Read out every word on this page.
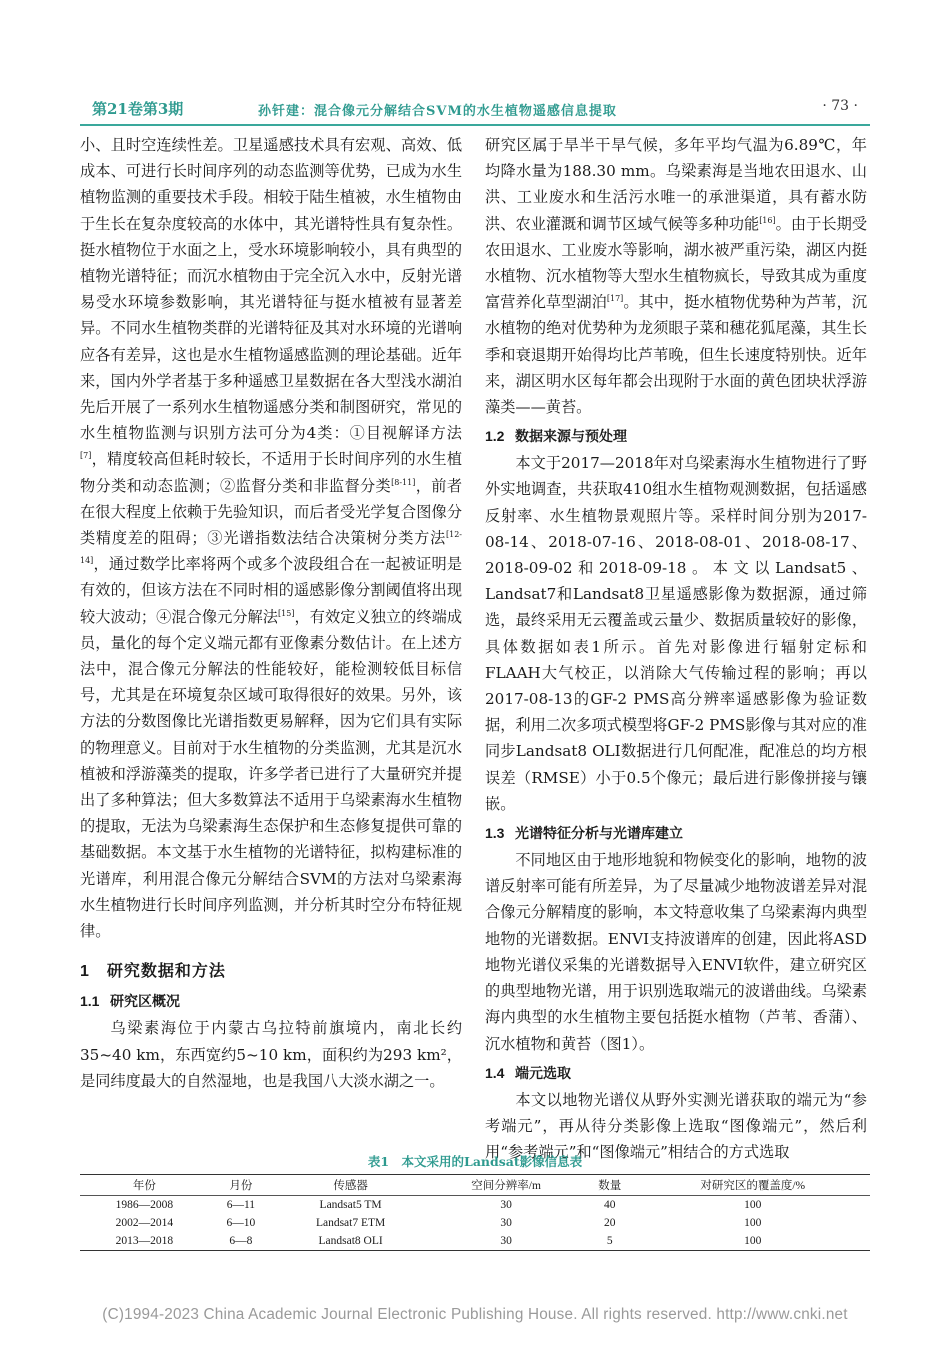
第21卷第3期	孙钎建：混合像元分解结合SVM的水生植物遥感信息提取	· 73 ·

小、且时空连续性差。卫星遥感技术具有宏观、高效、低成本、可进行长时间序列的动态监测等优势，已成为水生植物监测的重要技术手段。相较于陆生植被，水生植物由于生长在复杂度较高的水体中，其光谱特性具有复杂性。挺水植物位于水面之上，受水环境影响较小，具有典型的植物光谱特征；而沉水植物由于完全沉入水中，反射光谱易受水环境参数影响，其光谱特征与挺水植被有显著差异。不同水生植物类群的光谱特征及其对水环境的光谱响应各有差异，这也是水生植物遥感监测的理论基础。近年来，国内外学者基于多种遥感卫星数据在各大型浅水湖泊先后开展了一系列水生植物遥感分类和制图研究，常见的水生植物监测与识别方法可分为4类：①目视解译方法[7]，精度较高但耗时较长，不适用于长时间序列的水生植物分类和动态监测；②监督分类和非监督分类[8-11]，前者在很大程度上依赖于先验知识，而后者受光学复合图像分类精度差的阻碍；③光谱指数法结合决策树分类方法[12-14]，通过数学比率将两个或多个波段组合在一起被证明是有效的，但该方法在不同时相的遥感影像分割阈值将出现较大波动；④混合像元分解法[15]，有效定义独立的终端成员，量化的每个定义端元都有亚像素分数估计。在上述方法中，混合像元分解法的性能较好，能检测较低目标信号，尤其是在环境复杂区域可取得很好的效果。另外，该方法的分数图像比光谱指数更易解释，因为它们具有实际的物理意义。目前对于水生植物的分类监测，尤其是沉水植被和浮游藻类的提取，许多学者已进行了大量研究并提出了多种算法；但大多数算法不适用于乌梁素海水生植物的提取，无法为乌梁素海生态保护和生态修复提供可靠的基础数据。本文基于水生植物的光谱特征，拟构建标准的光谱库，利用混合像元分解结合SVM的方法对乌梁素海水生植物进行长时间序列监测，并分析其时空分布特征规律。

1　研究数据和方法
1.1 研究区概况

乌梁素海位于内蒙古乌拉特前旗境内，南北长约35~40 km，东西宽约5~10 km，面积约为293 km²，是同纬度最大的自然湿地，也是我国八大淡水湖之一。

研究区属于旱半干旱气候，多年平均气温为6.89℃，年均降水量为188.30 mm。乌梁素海是当地农田退水、山洪、工业废水和生活污水唯一的承泄渠道，具有蓄水防洪、农业灌溉和调节区域气候等多种功能[16]。由于长期受农田退水、工业废水等影响，湖水被严重污染，湖区内挺水植物、沉水植物等大型水生植物疯长，导致其成为重度富营养化草型湖泊[17]。其中，挺水植物优势种为芦苇，沉水植物的绝对优势种为龙须眼子菜和穗花狐尾藻，其生长季和衰退期开始得均比芦苇晚，但生长速度特别快。近年来，湖区明水区每年都会出现附于水面的黄色团块状浮游藻类——黄苔。

1.2 数据来源与预处理

本文于2017—2018年对乌梁素海水生植物进行了野外实地调查，共获取410组水生植物观测数据，包括遥感反射率、水生植物景观照片等。采样时间分别为2017-08-14、2018-07-16、2018-08-01、2018-08-17、2018-09-02和2018-09-18。本文以Landsat5、Landsat7和Landsat8卫星遥感影像为数据源，通过筛选，最终采用无云覆盖或云量少、数据质量较好的影像，具体数据如表1所示。首先对影像进行辐射定标和FLAAH大气校正，以消除大气传输过程的影响；再以2017-08-13的GF-2 PMS高分辨率遥感影像为验证数据，利用二次多项式模型将GF-2 PMS影像与其对应的准同步Landsat8 OLI数据进行几何配准，配准总的均方根误差（RMSE）小于0.5个像元；最后进行影像拼接与镶嵌。

1.3 光谱特征分析与光谱库建立

不同地区由于地形地貌和物候变化的影响，地物的波谱反射率可能有所差异，为了尽量减少地物波谱差异对混合像元分解精度的影响，本文特意收集了乌梁素海内典型地物的光谱数据。ENVI支持波谱库的创建，因此将ASD地物光谱仪采集的光谱数据导入ENVI软件，建立研究区的典型地物光谱，用于识别选取端元的波谱曲线。乌梁素海内典型的水生植物主要包括挺水植物（芦苇、香蒲）、沉水植物和黄苔（图1）。

1.4 端元选取

本文以地物光谱仪从野外实测光谱获取的端元为“参考端元”，再从待分类影像上选取“图像端元”，然后利用“参考端元”和“图像端元”相结合的方式选取

表1　本文采用的Landsat影像信息表
年份	月份	传感器	空间分辨率/m	数量	对研究区的覆盖度/%
1986—2008	6—11	Landsat5 TM	30	40	100
2002—2014	6—10	Landsat7 ETM	30	20	100
2013—2018	6—8	Landsat8 OLI	30	5	100
(C)1994-2023 China Academic Journal Electronic Publishing House. All rights reserved. http://www.cnki.net
